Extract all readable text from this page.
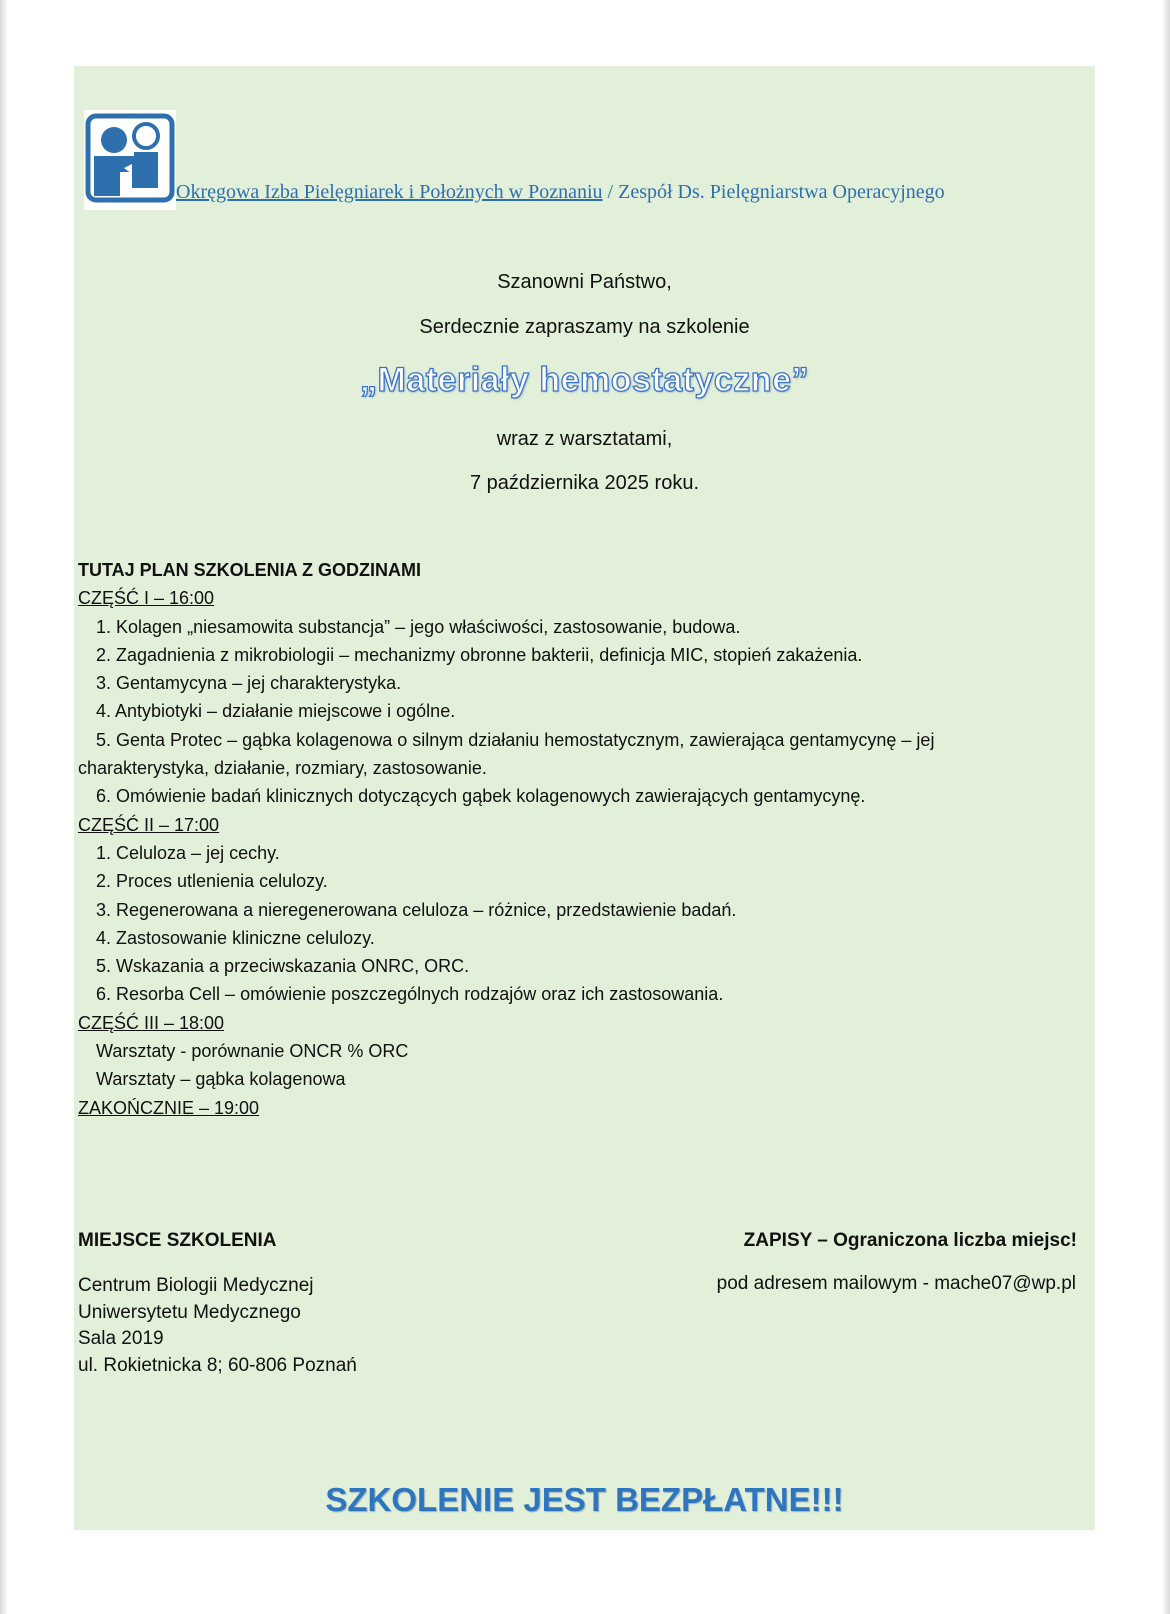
Okręgowa Izba Pielęgniarek i Położnych w Poznaniu / Zespół Ds. Pielęgniarstwa Operacyjnego
Szanowni Państwo,
Serdecznie zapraszamy na szkolenie
„Materiały hemostatyczne”
wraz z warsztatami,
7 października 2025 roku.
TUTAJ PLAN SZKOLENIA Z GODZINAMI
CZĘŚĆ I – 16:00
1. Kolagen „niesamowita substancja” – jego właściwości, zastosowanie, budowa.
2. Zagadnienia z mikrobiologii – mechanizmy obronne bakterii, definicja MIC, stopień zakażenia.
3. Gentamycyna – jej charakterystyka.
4. Antybiotyki – działanie miejscowe i ogólne.
5. Genta Protec – gąbka kolagenowa o silnym działaniu hemostatycznym, zawierająca gentamycynę – jej
charakterystyka, działanie, rozmiary, zastosowanie.
6. Omówienie badań klinicznych dotyczących gąbek kolagenowych zawierających gentamycynę.
CZĘŚĆ II – 17:00
1. Celuloza – jej cechy.
2. Proces utlenienia celulozy.
3. Regenerowana a nieregenerowana celuloza – różnice, przedstawienie badań.
4. Zastosowanie kliniczne celulozy.
5. Wskazania a przeciwskazania ONRC, ORC.
6. Resorba Cell – omówienie poszczególnych rodzajów oraz ich zastosowania.
CZĘŚĆ III – 18:00
Warsztaty - porównanie ONCR % ORC
Warsztaty – gąbka kolagenowa
ZAKOŃCZNIE – 19:00
MIEJSCE SZKOLENIA
Centrum Biologii Medycznej
Uniwersytetu Medycznego
Sala 2019
ul. Rokietnicka 8; 60-806 Poznań
ZAPISY – Ograniczona liczba miejsc!
pod adresem mailowym - mache07@wp.pl
SZKOLENIE JEST BEZPŁATNE!!!
